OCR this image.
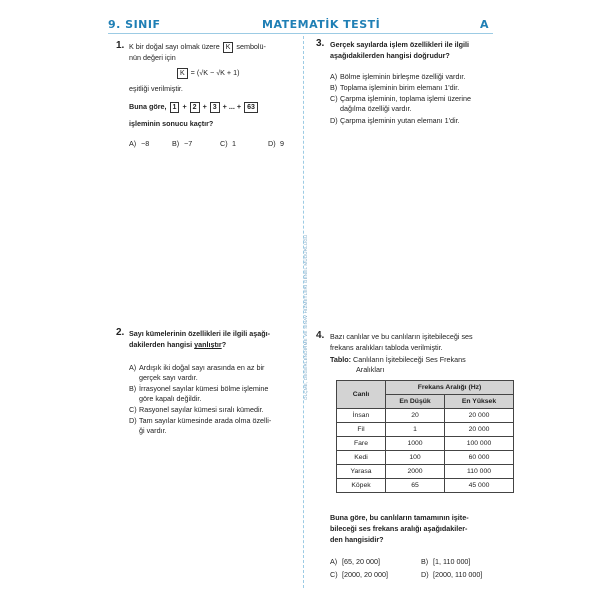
9. SINIF	MATEMATİK TESTİ	A
ÖLÇME, DEĞERLENDİRME VE SINAV HİZMETLERİ GENEL MÜDÜRLÜĞÜ
1. K bir doğal sayı olmak üzere K sembolü-
nün değeri için
K = (√K − √K + 1)
eşitliği verilmiştir.
Buna göre, 1 + 2 + 3 + ... + 63
işleminin sonucu kaçtır?
A) −8	B) −7	C) 1	D) 9
2. Sayı kümelerinin özellikleri ile ilgili aşağı-
dakilerden hangisi yanlıştır?
A) Ardışık iki doğal sayı arasında en az bir
gerçek sayı vardır.
B) İrrasyonel sayılar kümesi bölme işlemine
göre kapalı değildir.
C) Rasyonel sayılar kümesi sıralı kümedir.
D) Tam sayılar kümesinde arada olma özelli-
ği vardır.
3. Gerçek sayılarda işlem özellikleri ile ilgili
aşağıdakilerden hangisi doğrudur?
A) Bölme işleminin birleşme özelliği vardır.
B) Toplama işleminin birim elemanı 1'dir.
C) Çarpma işleminin, toplama işlemi üzerine
dağılma özelliği vardır.
D) Çarpma işleminin yutan elemanı 1'dir.
4. Bazı canlılar ve bu canlıların işitebileceği ses
frekans aralıkları tabloda verilmiştir.
Tablo: Canlıların İşitebileceği Ses Frekans
Aralıkları
Canlı	Frekans Aralığı (Hz)	
	En Düşük	En Yüksek
İnsan	20	20 000
Fil	1	20 000
Fare	1000	100 000
Kedi	100	60 000
Yarasa	2000	110 000
Köpek	65	45 000
Buna göre, bu canlıların tamamının işite-
bileceği ses frekans aralığı aşağıdakiler-
den hangisidir?
A) [65, 20 000]	B) [1, 110 000]
C) [2000, 20 000]	D) [2000, 110 000]
